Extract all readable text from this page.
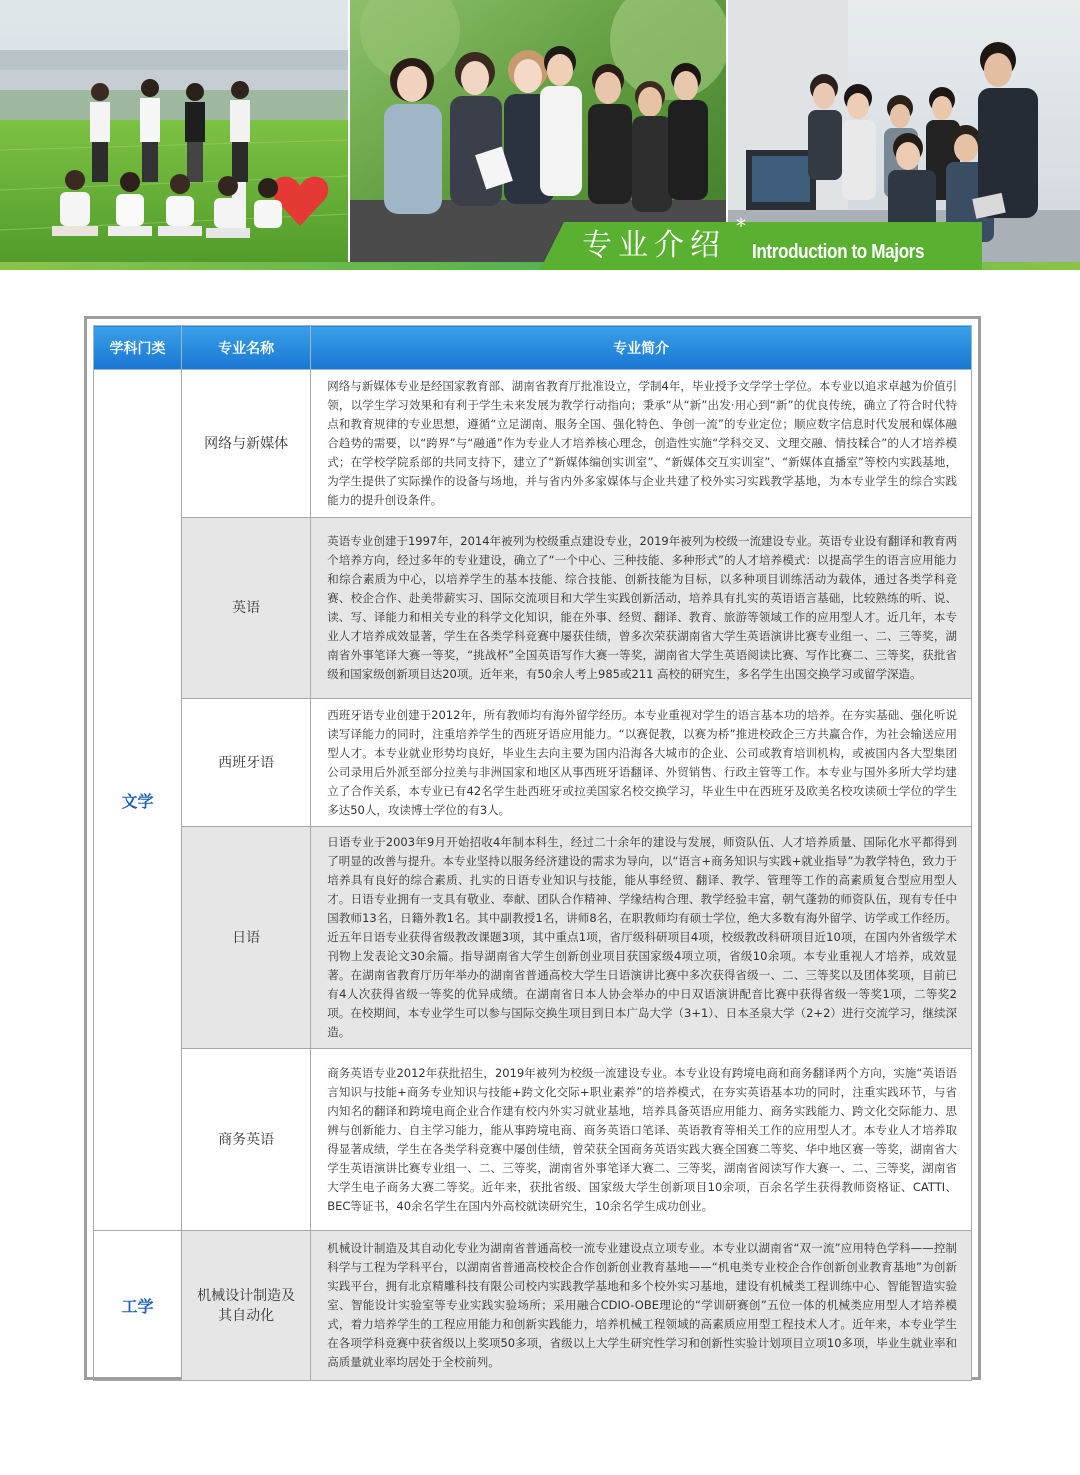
专业介绍
*
Introduction to Majors
学科门类	专业名称	专业简介
文学	网络与新媒体	网络与新媒体专业是经国家教育部、湖南省教育厅批准设立，学制4年，毕业授予文学学士学位。本专业以追求卓越为价值引领，以学生学习效果和有利于学生未来发展为教学行动指向；秉承“从“新”出发·用心到“新”的优良传统，确立了符合时代特点和教育规律的专业思想，遵循“立足湖南、服务全国、强化特色、争创一流”的专业定位；顺应数字信息时代发展和媒体融合趋势的需要，以“跨界”与“融通”作为专业人才培养核心理念，创造性实施“学科交叉、文理交融、情技糅合”的人才培养模式；在学校学院系部的共同支持下，建立了“新媒体编创实训室”、“新媒体交互实训室”、“新媒体直播室”等校内实践基地，为学生提供了实际操作的设备与场地，并与省内外多家媒体与企业共建了校外实习实践教学基地，为本专业学生的综合实践能力的提升创设条件。

	英语	英语专业创建于1997年，2014年被列为校级重点建设专业，2019年被列为校级一流建设专业。英语专业设有翻译和教育两个培养方向，经过多年的专业建设，确立了“一个中心、三种技能、多种形式”的人才培养模式：以提高学生的语言应用能力和综合素质为中心，以培养学生的基本技能、综合技能、创新技能为目标，以多种项目训练活动为载体，通过各类学科竞赛、校企合作、赴美带薪实习、国际交流项目和大学生实践创新活动，培养具有扎实的英语语言基础，比较熟练的听、说、读、写、译能力和相关专业的科学文化知识，能在外事、经贸、翻译、教育、旅游等领域工作的应用型人才。近几年，本专业人才培养成效显著，学生在各类学科竞赛中屡获佳绩，曾多次荣获湖南省大学生英语演讲比赛专业组一、二、三等奖，湖南省外事笔译大赛一等奖，“挑战杯”全国英语写作大赛一等奖，湖南省大学生英语阅读比赛、写作比赛二、三等奖，获批省级和国家级创新项目达20项。近年来，有50余人考上985或211 高校的研究生，多名学生出国交换学习或留学深造。

	西班牙语	西班牙语专业创建于2012年，所有教师均有海外留学经历。本专业重视对学生的语言基本功的培养。在夯实基础、强化听说读写译能力的同时，注重培养学生的西班牙语应用能力。“以赛促教，以赛为桥”推进校政企三方共赢合作，为社会输送应用型人才。本专业就业形势均良好，毕业生去向主要为国内沿海各大城市的企业、公司或教育培训机构，或被国内各大型集团公司录用后外派至部分拉美与非洲国家和地区从事西班牙语翻译、外贸销售、行政主管等工作。本专业与国外多所大学均建立了合作关系，本专业已有42名学生赴西班牙或拉美国家名校交换学习，毕业生中在西班牙及欧美名校攻读硕士学位的学生多达50人，攻读博士学位的有3人。

	日语	日语专业于2003年9月开始招收4年制本科生，经过二十余年的建设与发展，师资队伍、人才培养质量、国际化水平都得到了明显的改善与提升。本专业坚持以服务经济建设的需求为导向，以“语言+商务知识与实践+就业指导”为教学特色，致力于培养具有良好的综合素质、扎实的日语专业知识与技能，能从事经贸、翻译、教学、管理等工作的高素质复合型应用型人才。日语专业拥有一支具有敬业、奉献、团队合作精神、学缘结构合理、教学经验丰富，朝气蓬勃的师资队伍，现有专任中国教师13名，日籍外教1名。其中副教授1名，讲师8名，在职教师均有硕士学位，绝大多数有海外留学、访学或工作经历。近五年日语专业获得省级教改课题3项，其中重点1项，省厅级科研项目4项，校级教改科研项目近10项，在国内外省级学术刊物上发表论文30余篇。指导湖南省大学生创新创业项目获国家级4项立项，省级10余项。本专业重视人才培养，成效显著。在湖南省教育厅历年举办的湖南省普通高校大学生日语演讲比赛中多次获得省级一、二、三等奖以及团体奖项，目前已有4人次获得省级一等奖的优异成绩。在湖南省日本人协会举办的中日双语演讲配音比赛中获得省级一等奖1项，二等奖2项。在校期间，本专业学生可以参与国际交换生项目到日本广岛大学（3+1）、日本圣泉大学（2+2）进行交流学习，继续深造。

	商务英语	商务英语专业2012年获批招生，2019年被列为校级一流建设专业。本专业设有跨境电商和商务翻译两个方向，实施“英语语言知识与技能+商务专业知识与技能+跨文化交际+职业素养”的培养模式，在夯实英语基本功的同时，注重实践环节，与省内知名的翻译和跨境电商企业合作建有校内外实习就业基地，培养具备英语应用能力、商务实践能力、跨文化交际能力、思辨与创新能力、自主学习能力，能从事跨境电商、商务英语口笔译、英语教育等相关工作的应用型人才。本专业人才培养取得显著成绩，学生在各类学科竞赛中屡创佳绩，曾荣获全国商务英语实践大赛全国赛二等奖、华中地区赛一等奖，湖南省大学生英语演讲比赛专业组一、二、三等奖，湖南省外事笔译大赛二、三等奖，湖南省阅读写作大赛一、二、三等奖，湖南省大学生电子商务大赛二等奖。近年来，获批省级、国家级大学生创新项目10余项，百余名学生获得教师资格证、CATTI、BEC等证书，40余名学生在国内外高校就读研究生，10余名学生成功创业。
工学	机械设计制造及
其自动化	机械设计制造及其自动化专业为湖南省普通高校一流专业建设点立项专业。本专业以湖南省“双一流”应用特色学科——控制科学与工程为学科平台，以湖南省普通高校校企合作创新创业教育基地——“机电类专业校企合作创新创业教育基地”为创新实践平台，拥有北京精雕科技有限公司校内实践教学基地和多个校外实习基地，建设有机械类工程训练中心、智能智造实验室、智能设计实验室等专业实践实验场所；采用融合CDIO-OBE理论的“学训研赛创”五位一体的机械类应用型人才培养模式，着力培养学生的工程应用能力和创新实践能力，培养机械工程领域的高素质应用型工程技术人才。近年来，本专业学生在各项学科竞赛中获省级以上奖项50多项，省级以上大学生研究性学习和创新性实验计划项目立项10多项，毕业生就业率和高质量就业率均居处于全校前列。
